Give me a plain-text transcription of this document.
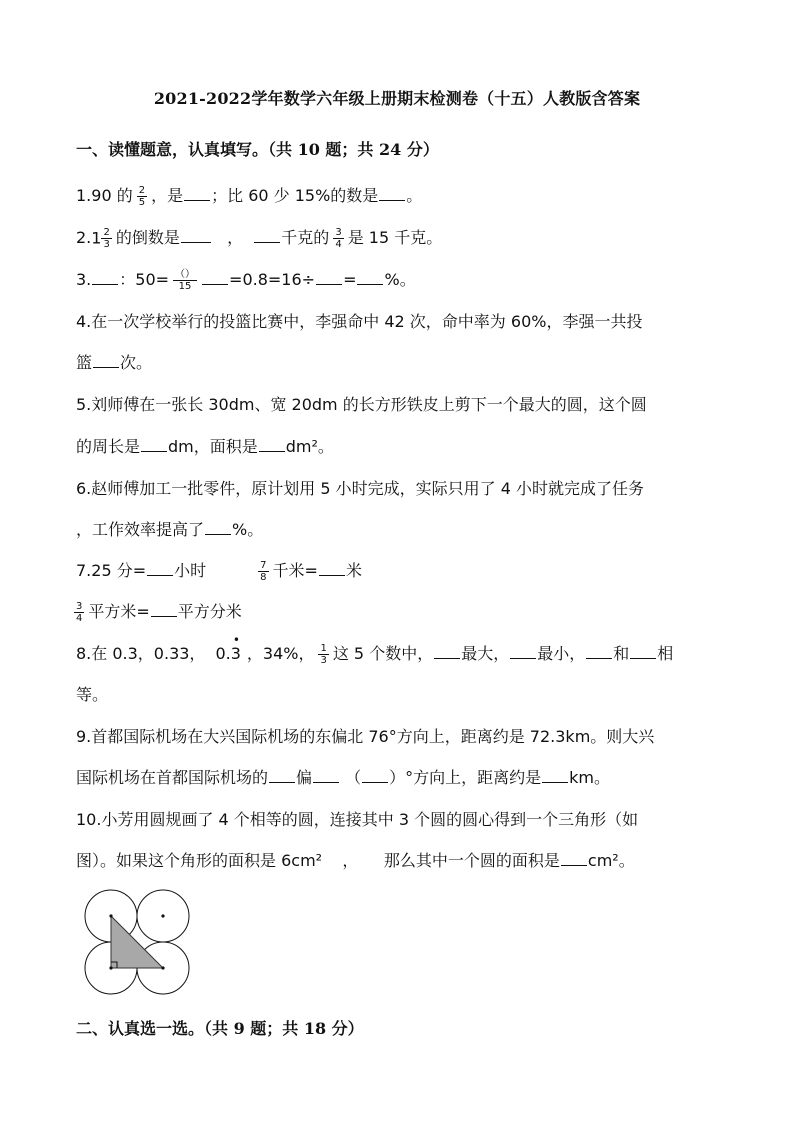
2021-2022学年数学六年级上册期末检测卷（十五）人教版含答案
一、读懂题意，认真填写。（共 10 题；共 24 分）
1.90 的 $\frac{2}{5}$ ，是 ；比 60 少 15%的数是 。
$2.1 \frac{2}{3}$ 的倒数是	， 千克的 $\frac{3}{4}$ 是 15 千克。
3. ：$50= \frac{()}{15} =0.8=16\div$ = %。
4.在一次学校举行的投篮比赛中，李强命中 42 次，命中率为 60%，李强一共投
篮 次。
5.刘师傅在一张长 30dm、宽 20dm 的长方形铁皮上剪下一个最大的圆，这个圆
的周长是 dm，面积是 dm²。
6.赵师傅加工一批零件，原计划用 5 小时完成，实际只用了 4 小时就完成了任务
，工作效率提高了 %。
7.25 分= 小时	$\frac{7}{8}$ 千米= 米
$\frac{3}{4}$ 平方米= 平方分米
8.在 0.3，0.33， 0.3
•
，34%， $\frac{1}{3}$ 这 5 个数中， 最大， 最小， 和 相
等。
9.首都国际机场在大兴国际机场的东偏北 76°方向上，距离约是 72.3km。则大兴
国际机场在首都国际机场的 偏 （ ）°方向上，距离约是 km。
10.小芳用圆规画了 4 个相等的圆，连接其中 3 个圆的圆心得到一个三角形（如
图）。如果这个角形的面积是 6cm² ， 那么其中一个圆的面积是 cm²。
二、认真选一选。（共 9 题；共 18 分）
